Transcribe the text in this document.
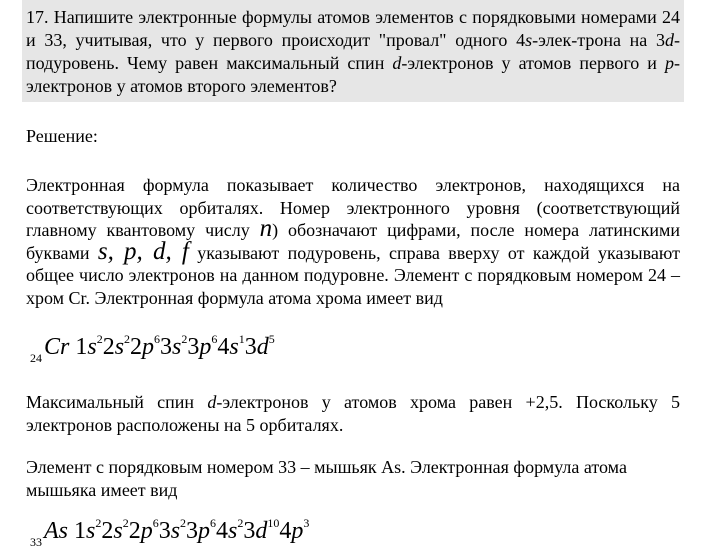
17. Напишите электронные формулы атомов элементов с порядковыми номерами 24 и 33, учитывая, что у первого происходит "провал" одного 4s-элек-трона на 3d-подуровень. Чему равен максимальный спин d-электронов у атомов первого и p-электронов у атомов второго элементов?
Решение:
Электронная формула показывает количество электронов, находящихся на соответствующих орбиталях. Номер электронного уровня (соответствующий главному квантовому числу n) обозначают цифрами, после номера латинскими буквами s, p, d, f указывают подуровень, справа вверху от каждой указывают общее число электронов на данном подуровне. Элемент с порядковым номером 24 – хром Cr. Электронная формула атома хрома имеет вид
$_{24}$Cr $1s^22s^22p^63s^23p^64s^13d^5$
Максимальный спин d-электронов у атомов хрома равен +2,5. Поскольку 5 электронов расположены на 5 орбиталях.
Элемент с порядковым номером 33 – мышьяк As. Электронная формула атома мышьяка имеет вид
$_{33}$As $1s^22s^22p^63s^23p^64s^23d^{10}4p^3$
